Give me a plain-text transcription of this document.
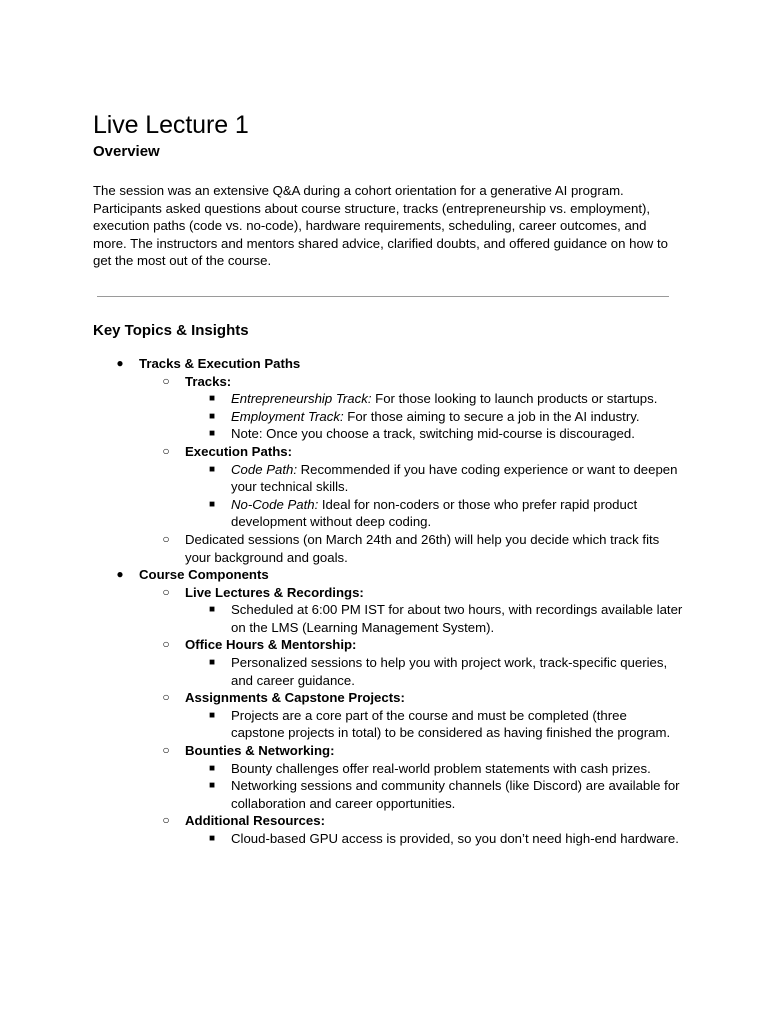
Live Lecture 1
Overview

The session was an extensive Q&A during a cohort orientation for a generative AI program. Participants asked questions about course structure, tracks (entrepreneurship vs. employment), execution paths (code vs. no-code), hardware requirements, scheduling, career outcomes, and more. The instructors and mentors shared advice, clarified doubts, and offered guidance on how to get the most out of the course.

Key Topics & Insights
● Tracks & Execution Paths
○ Tracks:
■	Entrepreneurship Track: For those looking to launch products or startups.
■	Employment Track: For those aiming to secure a job in the AI industry.
■	Note: Once you choose a track, switching mid-course is discouraged.
○ Execution Paths:
■	Code Path: Recommended if you have coding experience or want to deepen your technical skills.
■	No-Code Path: Ideal for non-coders or those who prefer rapid product development without deep coding.
○ Dedicated sessions (on March 24th and 26th) will help you decide which track fits your background and goals.
● Course Components
○ Live Lectures & Recordings:
■	Scheduled at 6:00 PM IST for about two hours, with recordings available later on the LMS (Learning Management System).
○ Office Hours & Mentorship:
■	Personalized sessions to help you with project work, track-specific queries, and career guidance.
○ Assignments & Capstone Projects:
■	Projects are a core part of the course and must be completed (three capstone projects in total) to be considered as having finished the program.
○ Bounties & Networking:
■	Bounty challenges offer real-world problem statements with cash prizes.
■	Networking sessions and community channels (like Discord) are available for collaboration and career opportunities.
○ Additional Resources:
■	Cloud-based GPU access is provided, so you don’t need high-end hardware.
